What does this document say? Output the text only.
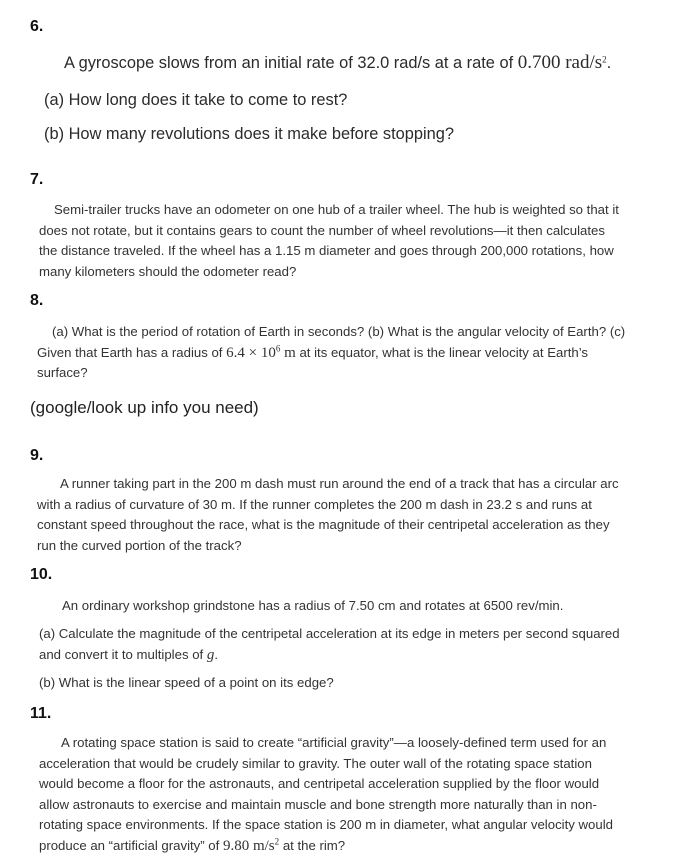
6.
A gyroscope slows from an initial rate of 32.0 rad/s at a rate of 0.700 rad/$s^2$.
(a) How long does it take to come to rest?
(b) How many revolutions does it make before stopping?
7.
Semi-trailer trucks have an odometer on one hub of a trailer wheel. The hub is weighted so that it
does not rotate, but it contains gears to count the number of wheel revolutions—it then calculates
the distance traveled. If the wheel has a 1.15 m diameter and goes through 200,000 rotations, how
many kilometers should the odometer read?
8.
(a) What is the period of rotation of Earth in seconds? (b) What is the angular velocity of Earth? (c)
Given that Earth has a radius of $6.4 \times 10^6$ m at its equator, what is the linear velocity at Earth’s
surface?
(google/look up info you need)
9.
A runner taking part in the 200 m dash must run around the end of a track that has a circular arc
with a radius of curvature of 30 m. If the runner completes the 200 m dash in 23.2 s and runs at
constant speed throughout the race, what is the magnitude of their centripetal acceleration as they
run the curved portion of the track?
10.
An ordinary workshop grindstone has a radius of 7.50 cm and rotates at 6500 rev/min.
(a) Calculate the magnitude of the centripetal acceleration at its edge in meters per second squared
and convert it to multiples of g.
(b) What is the linear speed of a point on its edge?
11.
A rotating space station is said to create “artificial gravity”—a loosely-defined term used for an
acceleration that would be crudely similar to gravity. The outer wall of the rotating space station
would become a floor for the astronauts, and centripetal acceleration supplied by the floor would
allow astronauts to exercise and maintain muscle and bone strength more naturally than in non-
rotating space environments. If the space station is 200 m in diameter, what angular velocity would
produce an “artificial gravity” of 9.80 $m/s^2$ at the rim?
